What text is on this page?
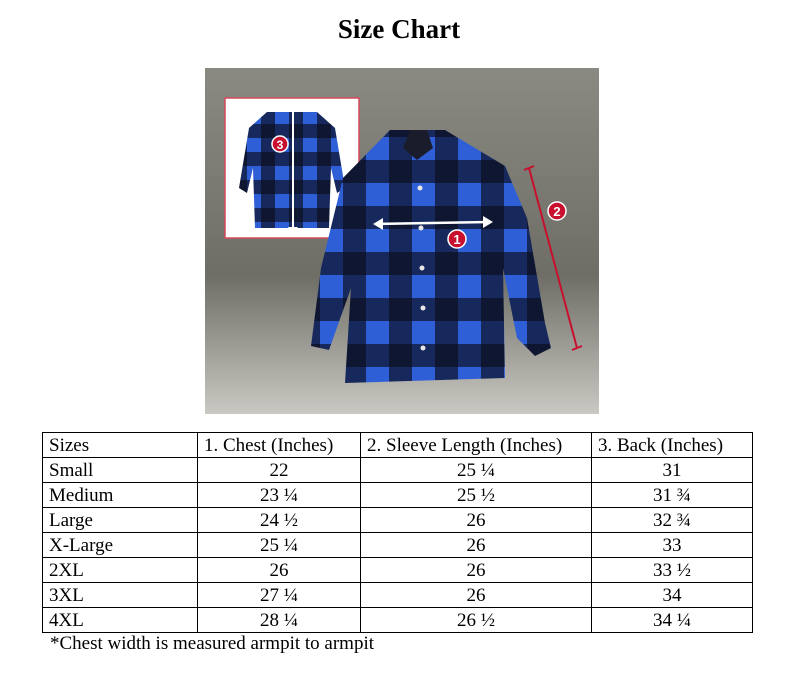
Size Chart
3
1
2
Sizes	1. Chest (Inches)	2. Sleeve Length (Inches)	3. Back (Inches)
Small	22	25 ¼	31
Medium	23 ¼	25 ½	31 ¾
Large	24 ½	26	32 ¾
X-Large	25 ¼	26	33
2XL	26	26	33 ½
3XL	27 ¼	26	34
4XL	28 ¼	26 ½	34 ¼
*Chest width is measured armpit to armpit
